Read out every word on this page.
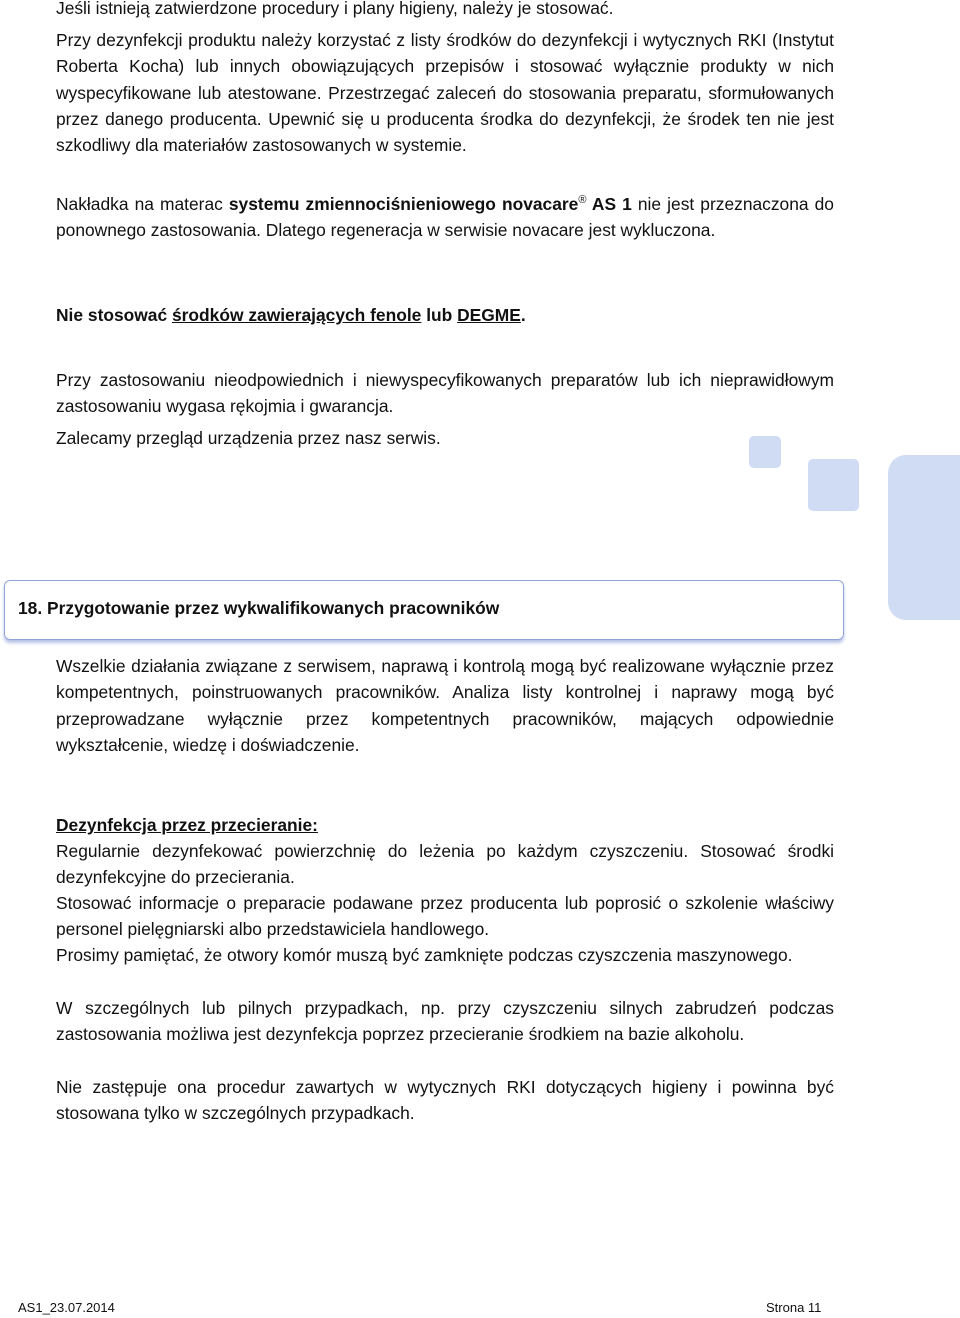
Jeśli istnieją zatwierdzone procedury i plany higieny, należy je stosować.

Przy dezynfekcji produktu należy korzystać z listy środków do dezynfekcji i wytycznych RKI (Instytut Roberta Kocha) lub innych obowiązujących przepisów i stosować wyłącznie produkty w nich wyspecyfikowane lub atestowane. Przestrzegać zaleceń do stosowania preparatu, sformułowanych przez danego producenta. Upewnić się u producenta środka do dezynfekcji, że środek ten nie jest szkodliwy dla materiałów zastosowanych w systemie.

Nakładka na materac systemu zmiennociśnieniowego novacare® AS 1 nie jest przeznaczona do ponownego zastosowania. Dlatego regeneracja w serwisie novacare jest wykluczona.

Nie stosować środków zawierających fenole lub DEGME.

Przy zastosowaniu nieodpowiednich i niewyspecyfikowanych preparatów lub ich nieprawidłowym zastosowaniu wygasa rękojmia i gwarancja.

Zalecamy przegląd urządzenia przez nasz serwis.

18. Przygotowanie przez wykwalifikowanych pracowników

Wszelkie działania związane z serwisem, naprawą i kontrolą mogą być realizowane wyłącznie przez kompetentnych, poinstruowanych pracowników. Analiza listy kontrolnej i naprawy mogą być przeprowadzane wyłącznie przez kompetentnych pracowników, mających odpowiednie wykształcenie, wiedzę i doświadczenie.

Dezynfekcja przez przecieranie:

Regularnie dezynfekować powierzchnię do leżenia po każdym czyszczeniu. Stosować środki dezynfekcyjne do przecierania.

Stosować informacje o preparacie podawane przez producenta lub poprosić o szkolenie właściwy personel pielęgniarski albo przedstawiciela handlowego.

Prosimy pamiętać, że otwory komór muszą być zamknięte podczas czyszczenia maszynowego.

W szczególnych lub pilnych przypadkach, np. przy czyszczeniu silnych zabrudzeń podczas zastosowania możliwa jest dezynfekcja poprzez przecieranie środkiem na bazie alkoholu.

Nie zastępuje ona procedur zawartych w wytycznych RKI dotyczących higieny i powinna być stosowana tylko w szczególnych przypadkach.

AS1_23.07.2014	Strona 11
